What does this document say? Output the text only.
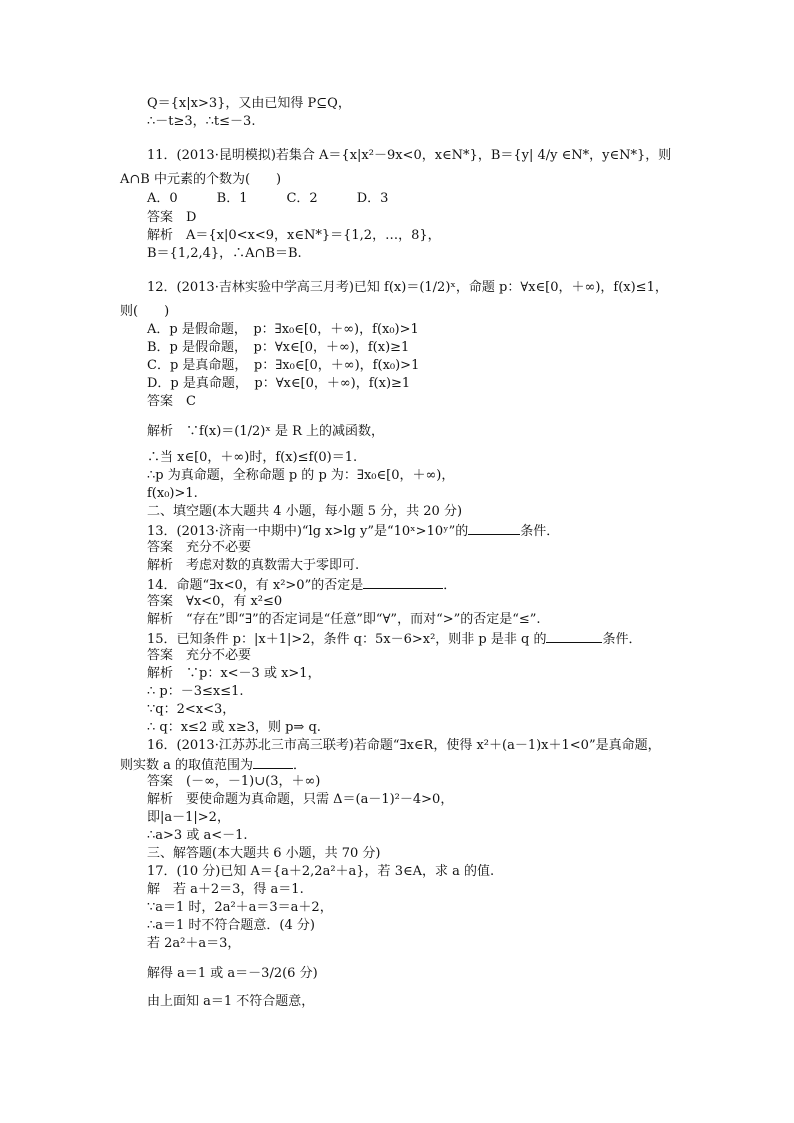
Q＝{x|x>3}，又由已知得 P⊆Q，
∴－t≥3，∴t≤－3.
11．(2013·昆明模拟)若集合 A＝{x|x²－9x<0，x∈N*}，B＝{y| 4/y ∈N*，y∈N*}，则
A∩B 中元素的个数为(　　)
A．0　　　B．1　　　C．2　　　D．3
答案　D
解析　A＝{x|0<x<9，x∈N*}＝{1,2，…，8}，
B＝{1,2,4}，∴A∩B＝B.
12．(2013·吉林实验中学高三月考)已知 f(x)＝(1/2)ˣ，命题 p：∀x∈[0，＋∞)，f(x)≤1，
则(　　)
A．p 是假命题，　p：∃x₀∈[0，＋∞)，f(x₀)>1
B．p 是假命题，　p：∀x∈[0，＋∞)，f(x)≥1
C．p 是真命题，　p：∃x₀∈[0，＋∞)，f(x₀)>1
D．p 是真命题，　p：∀x∈[0，＋∞)，f(x)≥1
答案　C
解析　∵f(x)＝(1/2)ˣ 是 R 上的减函数，
∴当 x∈[0，＋∞)时，f(x)≤f(0)＝1.
∴p 为真命题，全称命题 p 的 p 为：∃x₀∈[0，＋∞)，
f(x₀)>1.
二、填空题(本大题共 4 小题，每小题 5 分，共 20 分)
13．(2013·济南一中期中)“lg x>lg y”是“10ˣ>10ʸ”的	条件．
答案　充分不必要
解析　考虑对数的真数需大于零即可.
14．命题“∃x<0，有 x²>0”的否定是	．
答案　∀x<0，有 x²≤0
解析　“存在”即“∃”的否定词是“任意”即“∀”，而对“>”的否定是“≤”.
15．已知条件 p：|x＋1|>2，条件 q：5x－6>x²，则非 p 是非 q 的	条件．
答案　充分不必要
解析　∵p：x<－3 或 x>1，
∴ p：－3≤x≤1.
∵q：2<x<3，
∴ q：x≤2 或 x≥3，则 p⇒ q.
16．(2013·江苏苏北三市高三联考)若命题“∃x∈R，使得 x²＋(a－1)x＋1<0”是真命题，
则实数 a 的取值范围为	．
答案　(－∞，－1)∪(3，＋∞)
解析　要使命题为真命题，只需 Δ＝(a－1)²－4>0，
即|a－1|>2，
∴a>3 或 a<－1.
三、解答题(本大题共 6 小题，共 70 分)
17．(10 分)已知 A＝{a＋2,2a²＋a}，若 3∈A，求 a 的值.
解　若 a＋2＝3，得 a＝1.
∵a＝1 时，2a²＋a＝3＝a＋2，
∴a＝1 时不符合题意．(4 分)
若 2a²＋a＝3，
解得 a＝1 或 a＝－3/2(6 分)
由上面知 a＝1 不符合题意，
